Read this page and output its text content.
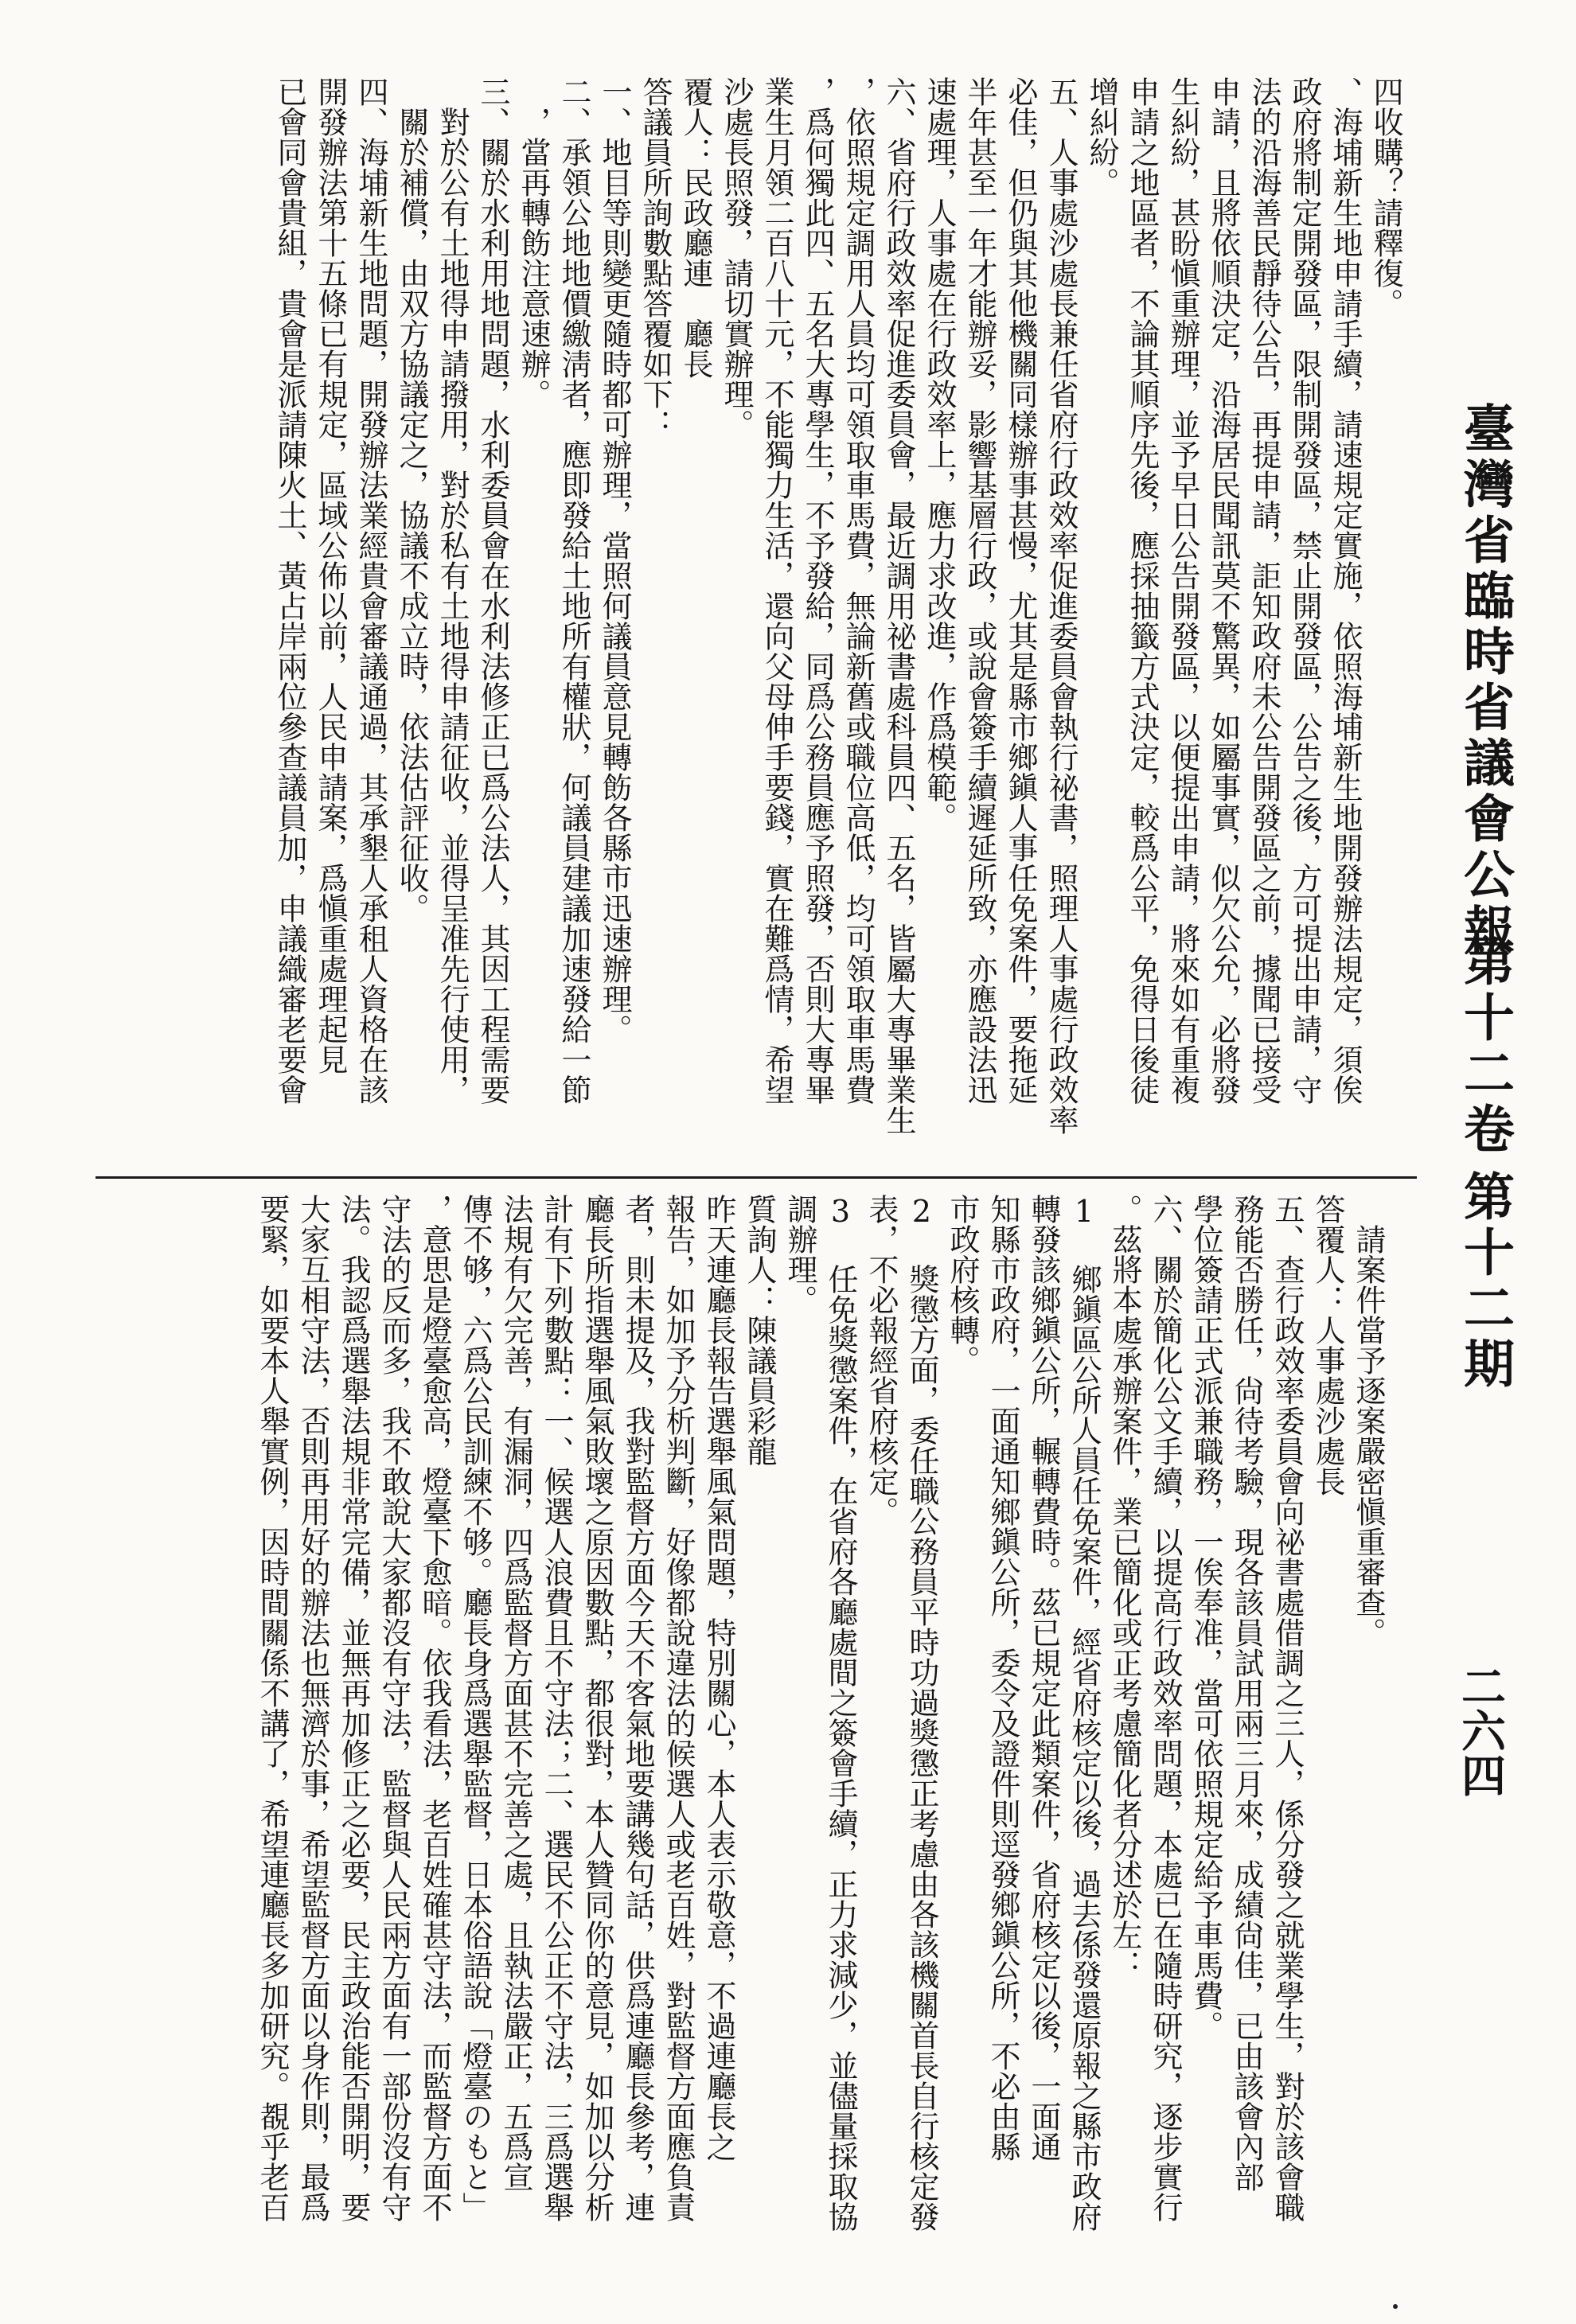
臺灣省臨時省議會公報
第十二卷
第十二期
二六四
四收購？請釋復。
、海埔新生地申請手續，請速規定實施，依照海埔新生地開發辦法規定，須俟
政府將制定開發區，限制開發區，禁止開發區，公告之後，方可提出申請，守
法的沿海善民靜待公告，再提申請，詎知政府未公告開發區之前，據聞已接受
申請，且將依順決定，沿海居民聞訊莫不驚異，如屬事實，似欠公允，必將發
生糾紛，甚盼愼重辦理，並予早日公告開發區，以便提出申請，將來如有重複
申請之地區者，不論其順序先後，應採抽籤方式決定，較爲公平，免得日後徒
增糾紛。
五、人事處沙處長兼任省府行政效率促進委員會執行祕書，照理人事處行政效率
必佳，但仍與其他機關同樣辦事甚慢，尤其是縣市鄉鎭人事任免案件，要拖延
半年甚至一年才能辦妥，影響基層行政，或說會簽手續遲延所致，亦應設法迅
速處理，人事處在行政效率上，應力求改進，作爲模範。
六、省府行政效率促進委員會，最近調用祕書處科員四、五名，皆屬大專畢業生
，依照規定調用人員均可領取車馬費，無論新舊或職位高低，均可領取車馬費
，爲何獨此四、五名大專學生，不予發給，同爲公務員應予照發，否則大專畢
業生月領二百八十元，不能獨力生活，還向父母伸手要錢，實在難爲情，希望
沙處長照發，請切實辦理。
覆人：民政廳連　廳長
答議員所詢數點答覆如下：
一、地目等則變更隨時都可辦理，當照何議員意見轉飭各縣市迅速辦理。
二、承領公地地價繳淸者，應即發給土地所有權狀，何議員建議加速發給一節
　，當再轉飭注意速辦。
三、關於水利用地問題，水利委員會在水利法修正已爲公法人，其因工程需要
　對於公有土地得申請撥用，對於私有土地得申請征收，並得呈准先行使用，
　關於補償，由双方協議定之，協議不成立時，依法估評征收。
四、海埔新生地問題，開發辦法業經貴會審議通過，其承墾人承租人資格在該
開發辦法第十五條已有規定，區域公佈以前，人民申請案，爲愼重處理起見
已會同會貴組，貴會是派請陳火土、黃占岸兩位參查議員加，申議織審老要會
　請案件當予逐案嚴密愼重審查。
答覆人：人事處沙處長
五、查行政效率委員會向祕書處借調之三人，係分發之就業學生，對於該會職
務能否勝任，尙待考驗，現各該員試用兩三月來，成績尙佳，已由該會內部
學位簽請正式派兼職務，一俟奉准，當可依照規定給予車馬費。
六、關於簡化公文手續，以提高行政效率問題，本處已在隨時研究，逐步實行
。茲將本處承辦案件，業已簡化或正考慮簡化者分述於左：
1 鄉鎭區公所人員任免案件，經省府核定以後，過去係發還原報之縣市政府
轉發該鄉鎭公所，輾轉費時。茲已規定此類案件，省府核定以後，一面通
知縣市政府，一面通知鄉鎭公所，委令及證件則逕發鄉鎭公所，不必由縣
市政府核轉。
2 獎懲方面，委任職公務員平時功過獎懲正考慮由各該機關首長自行核定發
表，不必報經省府核定。
3 任免獎懲案件，在省府各廳處間之簽會手續，正力求減少，並儘量採取協
調辦理。
質詢人：陳議員彩龍
昨天連廳長報告選舉風氣問題，特別關心，本人表示敬意，不過連廳長之
報告，如加予分析判斷，好像都說違法的候選人或老百姓，對監督方面應負責
者，則未提及，我對監督方面今天不客氣地要講幾句話，供爲連廳長參考，連
廳長所指選舉風氣敗壞之原因數點，都很對，本人贊同你的意見，如加以分析
計有下列數點：一、候選人浪費且不守法；二、選民不公正不守法，三爲選舉
法規有欠完善，有漏洞，四爲監督方面甚不完善之處，且執法嚴正，五爲宣
傳不够，六爲公民訓練不够。廳長身爲選舉監督，日本俗語說「燈臺のもと」
，意思是燈臺愈高，燈臺下愈暗。依我看法，老百姓確甚守法，而監督方面不
守法的反而多，我不敢說大家都沒有守法，監督與人民兩方面有一部份沒有守
法。我認爲選舉法規非常完備，並無再加修正之必要，民主政治能否開明，要
大家互相守法，否則再用好的辦法也無濟於事，希望監督方面以身作則，最爲
要緊，如要本人舉實例，因時間關係不講了，希望連廳長多加研究。覩乎老百
